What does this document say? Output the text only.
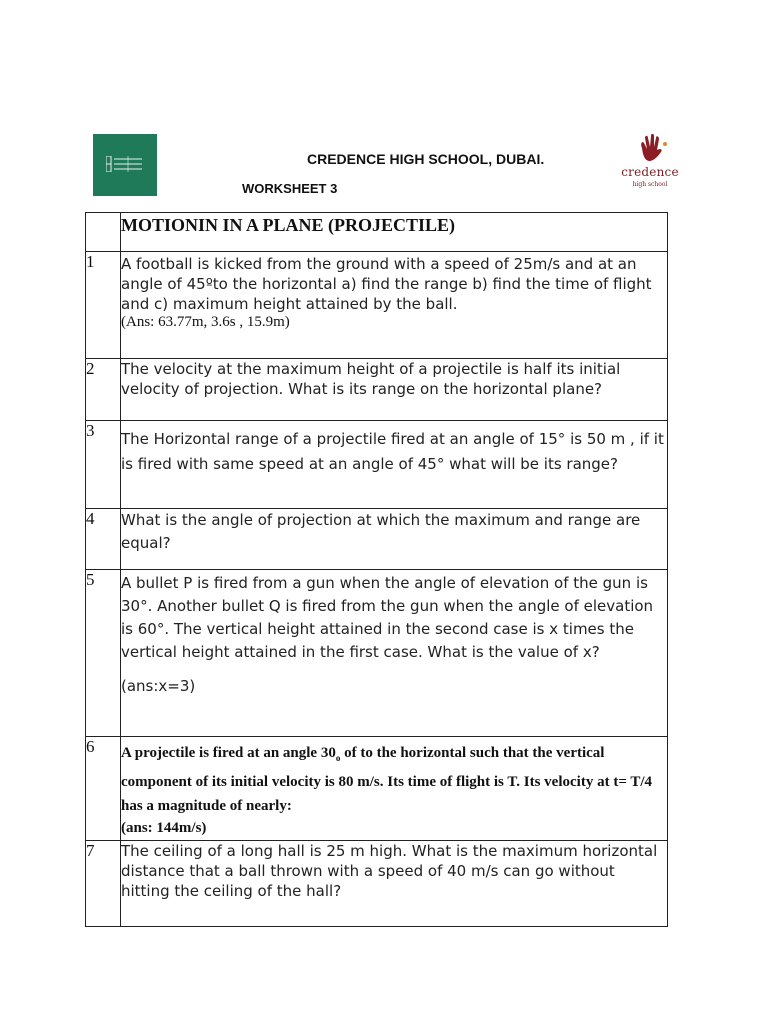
credence
high school
CREDENCE HIGH SCHOOL, DUBAI.
WORKSHEET 3

	MOTIONIN IN A PLANE (PROJECTILE)

1	A football is kicked from the ground with a speed of 25m/s and at an angle of 45ºto the horizontal a) find the range b) find the time of flight and c) maximum height attained by the ball.
(Ans: 63.77m, 3.6s , 15.9m)

2	The velocity at the maximum height of a projectile is half its initial velocity of projection. What is its range on the horizontal plane?

3	The Horizontal range of a projectile fired at an angle of 15° is 50 m , if it is fired with same speed at an angle of 45° what will be its range?

4	What is the angle of projection at which the maximum and range are equal?

5	A bullet P is fired from a gun when the angle of elevation of the gun is 30°. Another bullet Q is fired from the gun when the angle of elevation is 60°. The vertical height attained in the second case is x times the vertical height attained in the first case. What is the value of x?
(ans:x=3)

6	A projectile is fired at an angle $30_o$ of to the horizontal such that the vertical component of its initial velocity is 80 m/s. Its time of flight is T. Its velocity at t= T/4 has a magnitude of nearly:
(ans: 144m/s)

7	The ceiling of a long hall is 25 m high. What is the maximum horizontal distance that a ball thrown with a speed of 40 m/s can go without hitting the ceiling of the hall?
